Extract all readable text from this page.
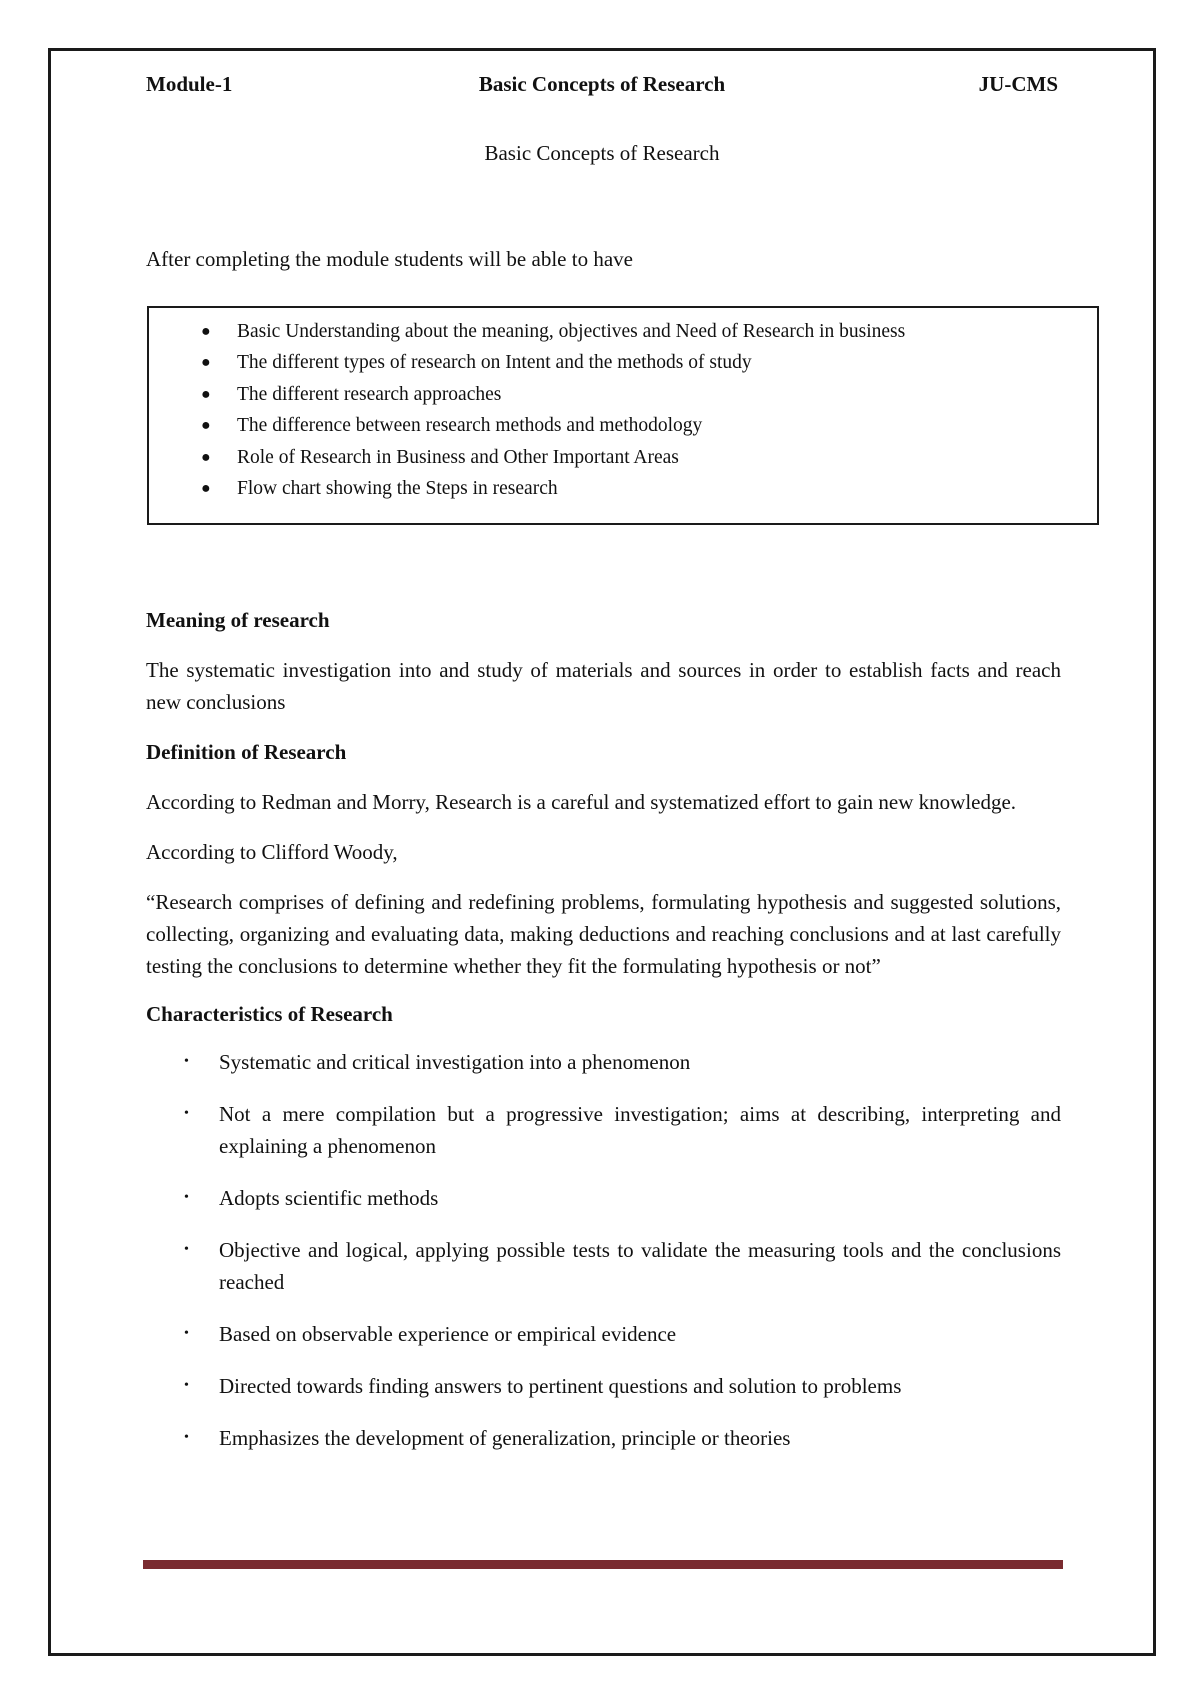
Module-1	Basic Concepts of Research	JU-CMS
Basic Concepts of Research
After completing the module students will be able to have
● Basic Understanding about the meaning, objectives and Need of Research in business
● The different types of research on Intent and the methods of study
● The different research approaches
● The difference between research methods and methodology
● Role of Research in Business and Other Important Areas
● Flow chart showing the Steps in research
Meaning of research

The systematic investigation into and study of materials and sources in order to establish facts and reach new conclusions

Definition of Research

According to Redman and Morry, Research is a careful and systematized effort to gain new knowledge.

According to Clifford Woody,

“Research comprises of defining and redefining problems, formulating hypothesis and suggested solutions, collecting, organizing and evaluating data, making deductions and reaching conclusions and at last carefully testing the conclusions to determine whether they fit the formulating hypothesis or not”

Characteristics of Research
• Systematic and critical investigation into a phenomenon
• Not a mere compilation but a progressive investigation; aims at describing, interpreting and explaining a phenomenon
• Adopts scientific methods
• Objective and logical, applying possible tests to validate the measuring tools and the conclusions reached
• Based on observable experience or empirical evidence
• Directed towards finding answers to pertinent questions and solution to problems
• Emphasizes the development of generalization, principle or theories
